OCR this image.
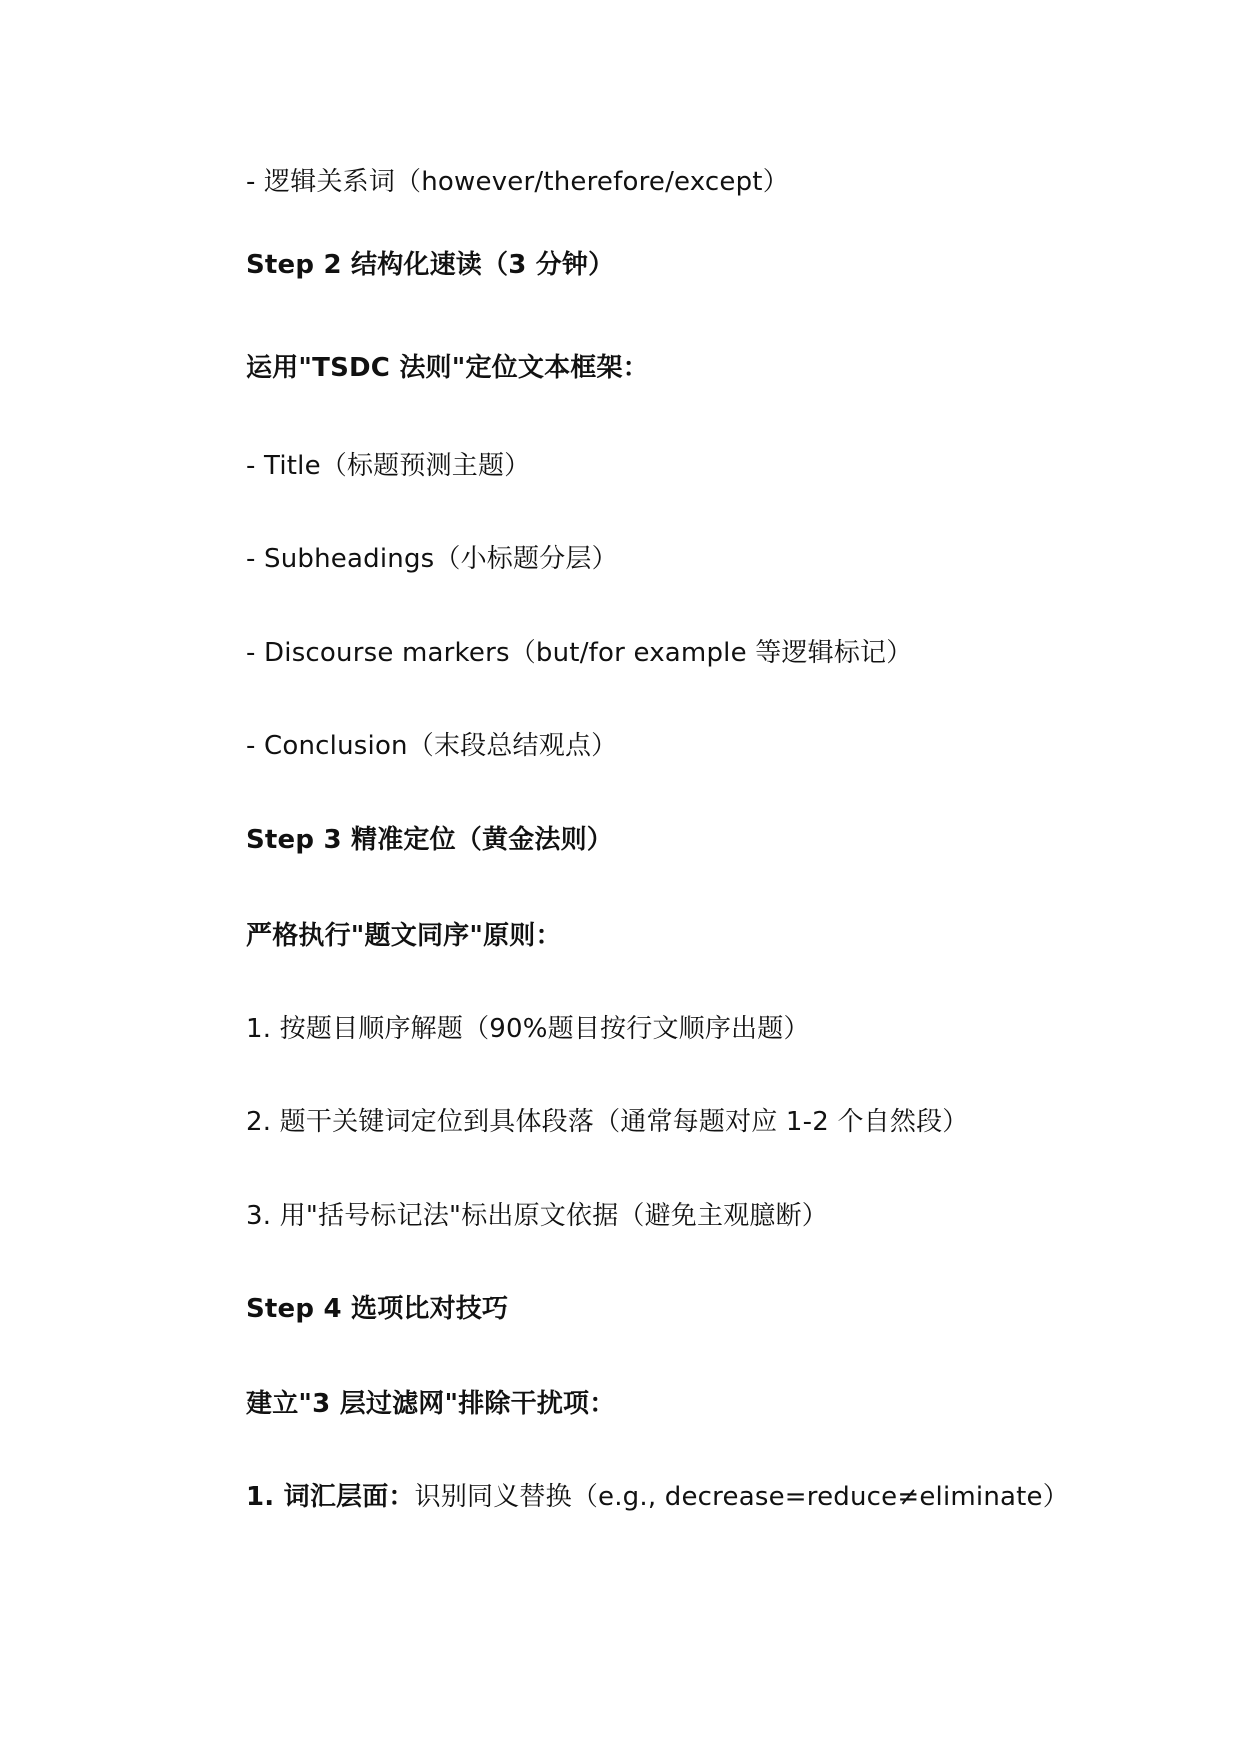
- 逻辑关系词（however/therefore/except）
Step 2 结构化速读（3 分钟）
运用"TSDC 法则"定位文本框架：
- Title（标题预测主题）
- Subheadings（小标题分层）
- Discourse markers（but/for example 等逻辑标记）
- Conclusion（末段总结观点）
Step 3 精准定位（黄金法则）
严格执行"题文同序"原则：
1. 按题目顺序解题（90%题目按行文顺序出题）
2. 题干关键词定位到具体段落（通常每题对应 1-2 个自然段）
3. 用"括号标记法"标出原文依据（避免主观臆断）
Step 4 选项比对技巧
建立"3 层过滤网"排除干扰项：
1. 词汇层面：识别同义替换（e.g., decrease=reduce≠eliminate）
